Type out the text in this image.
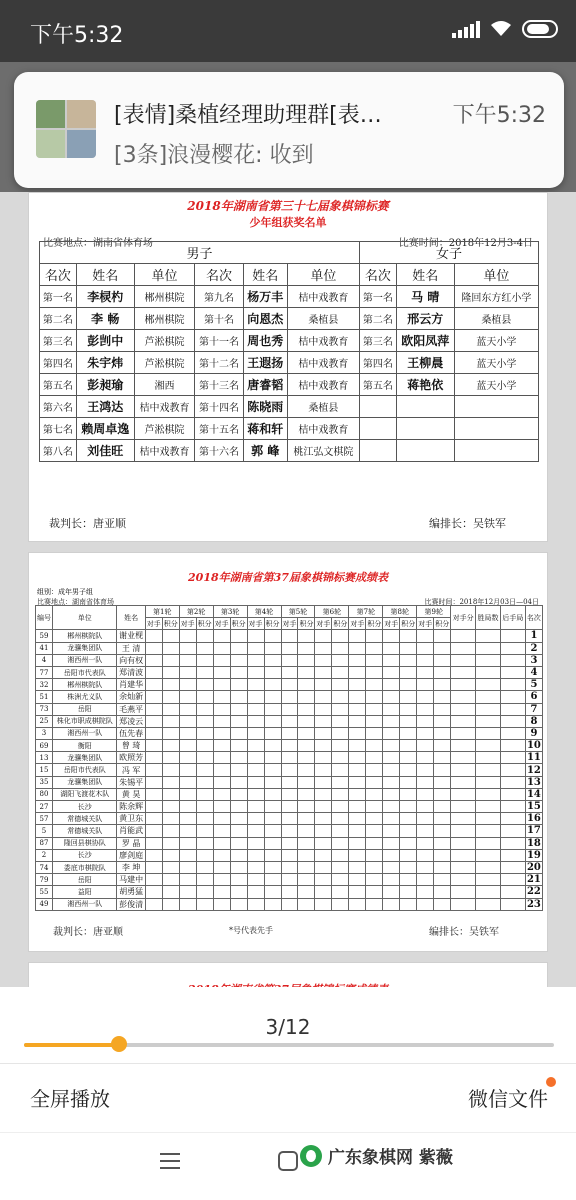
下午5:32
[表情]桑植经理助理群[表…	下午5:32
[3条]浪漫樱花: 收到
2018年湖南省第三十七届象棋锦标赛
少年组获奖名单
比赛地点：湖南省体育场	比赛时间：2018年12月3-4日
男子						女子		
名次	姓名	单位	名次	姓名	单位	名次	姓名	单位
第一名	李棂杓	郴州棋院	第九名	杨万丰	桔中戏教育	第一名	马 晴	隆回东方红小学
第二名	李 畅	郴州棋院	第十名	向恩杰	桑植县	第二名	邢云方	桑植县
第三名	彭剀中	芦淞棋院	第十一名	周也秀	桔中戏教育	第三名	欧阳凤萍	蓝天小学
第四名	朱宇炜	芦淞棋院	第十二名	王遐扬	桔中戏教育	第四名	王柳晨	蓝天小学
第五名	彭昶瑜	湘西	第十三名	唐睿韬	桔中戏教育	第五名	蒋艳依	蓝天小学
第六名	王鸿达	桔中戏教育	第十四名	陈晓雨	桑植县			
第七名	赖周卓逸	芦淞棋院	第十五名	蒋和轩	桔中戏教育			
第八名	刘佳旺	桔中戏教育	第十六名	郭 峰	桃江弘文棋院			
裁判长：唐亚顺	编排长：吴铁军
2018年湖南省第37届象棋锦标赛成绩表
组别：成年男子组
比赛地点：湖南省体育场	比赛时间：2018年12月03日—04日
编号	单位	姓名	第1轮		第2轮		第3轮		第4轮		第5轮		第6轮		第7轮		第8轮		第9轮		对手分	胜局数	后手局	名次
			对手	积分	对手	积分	对手	积分	对手	积分	对手	积分	对手	积分	对手	积分	对手	积分	对手	积分				
59	郴州棋院队	谢业枧																						1
41	龙骧集团队	王 清																						2
4	湘西州一队	向有权																						3
77	岳阳市代表队	郑清波																						4
32	郴州棋院队	肖建华																						5
51	株洲尤义队	余灿新																						6
73	岳阳	毛燕平																						7
25	株化市职成棋院队	郑凌云																						8
3	湘西州一队	伍先春																						9
69	衡阳	曾 琦																						10
13	龙骧集团队	欧照芳																						11
15	岳阳市代表队	冯 军																						12
35	龙骧集团队	朱锡平																						13
80	湖阳飞渡花木队	黄 昊																						14
27	长沙	陈余辉																						15
57	常德城关队	黄卫东																						16
5	常德城关队	肖能武																						17
87	隆回县棋协队	罗 晶																						18
2	长沙	廖剑庭																						19
74	娄底市棋院队	李 坤																						20
79	岳阳	马建中																						21
55	益阳	胡勇猛																						22
49	湘西州一队	彭俊清																						23
裁判长：唐亚顺	*号代表先手	编排长：吴铁军
3/12
全屏播放	微信文件
广东象棋网 紫薇
